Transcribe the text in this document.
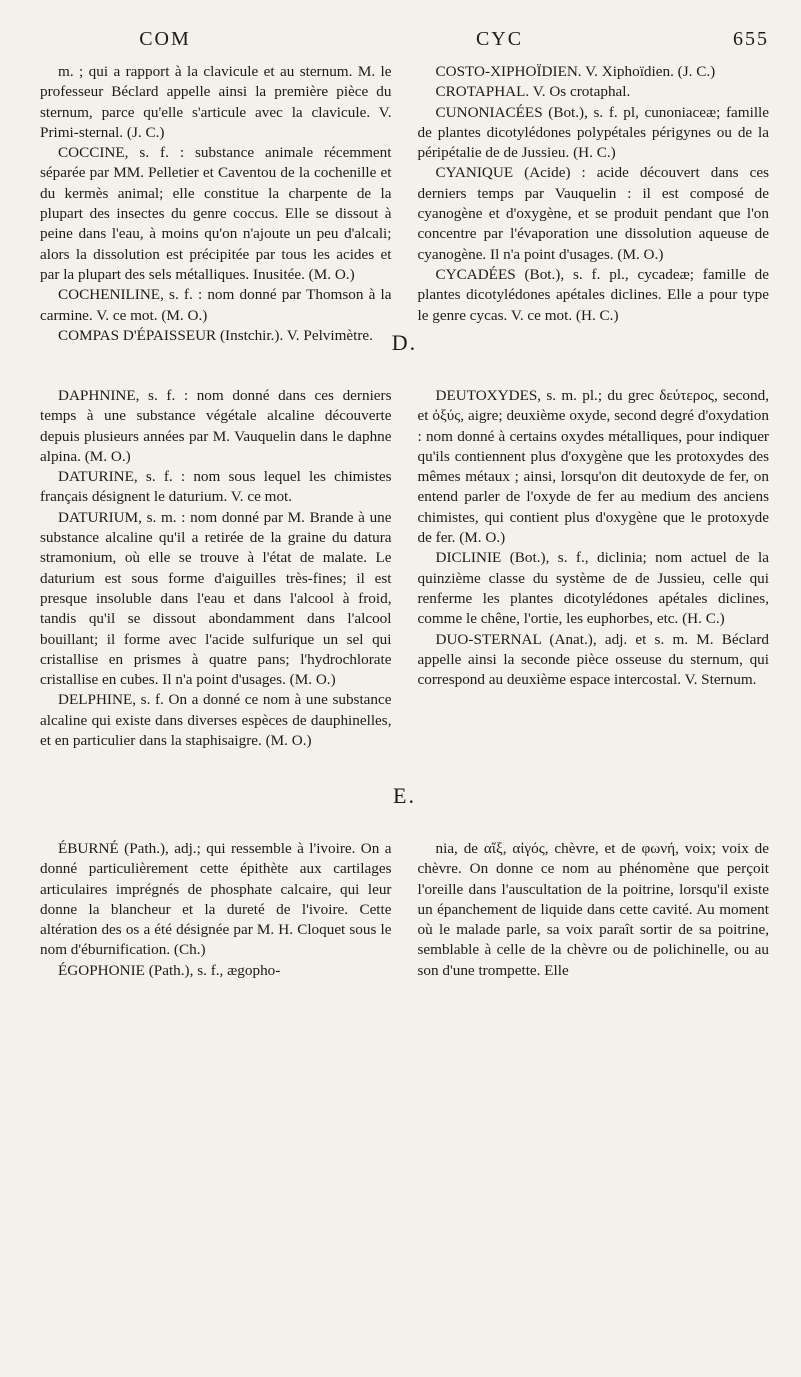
COM	CYC	655

m. ; qui a rapport à la clavicule et au sternum. M. le professeur Béclard appelle ainsi la première pièce du sternum, parce qu'elle s'articule avec la clavicule. V. Primi-sternal. (J. C.)

COCCINE, s. f. : substance animale récemment séparée par MM. Pelletier et Caventou de la cochenille et du kermès animal; elle constitue la charpente de la plupart des insectes du genre coccus. Elle se dissout à peine dans l'eau, à moins qu'on n'ajoute un peu d'alcali; alors la dissolution est précipitée par tous les acides et par la plupart des sels métalliques. Inusitée. (M. O.)

COCHENILINE, s. f. : nom donné par Thomson à la carmine. V. ce mot. (M. O.)

COMPAS D'ÉPAISSEUR (Instchir.). V. Pelvimètre.

COSTO-XIPHOÏDIEN. V. Xiphoïdien. (J. C.)

CROTAPHAL. V. Os crotaphal.

CUNONIACÉES (Bot.), s. f. pl, cunoniaceæ; famille de plantes dicotylédones polypétales périgynes ou de la péripétalie de de Jussieu. (H. C.)

CYANIQUE (Acide) : acide découvert dans ces derniers temps par Vauquelin : il est composé de cyanogène et d'oxygène, et se produit pendant que l'on concentre par l'évaporation une dissolution aqueuse de cyanogène. Il n'a point d'usages. (M. O.)

CYCADÉES (Bot.), s. f. pl., cycadeæ; famille de plantes dicotylédones apétales diclines. Elle a pour type le genre cycas. V. ce mot. (H. C.)

D.

DAPHNINE, s. f. : nom donné dans ces derniers temps à une substance végétale alcaline découverte depuis plusieurs années par M. Vauquelin dans le daphne alpina. (M. O.)

DATURINE, s. f. : nom sous lequel les chimistes français désignent le daturium. V. ce mot.

DATURIUM, s. m. : nom donné par M. Brande à une substance alcaline qu'il a retirée de la graine du datura stramonium, où elle se trouve à l'état de malate. Le daturium est sous forme d'aiguilles très-fines; il est presque insoluble dans l'eau et dans l'alcool à froid, tandis qu'il se dissout abondamment dans l'alcool bouillant; il forme avec l'acide sulfurique un sel qui cristallise en prismes à quatre pans; l'hydrochlorate cristallise en cubes. Il n'a point d'usages. (M. O.)

DELPHINE, s. f. On a donné ce nom à une substance alcaline qui existe dans diverses espèces de dauphinelles, et en particulier dans la staphisaigre. (M. O.)

DEUTOXYDES, s. m. pl.; du grec δεύτερος, second, et ὀξύς, aigre; deuxième oxyde, second degré d'oxydation : nom donné à certains oxydes métalliques, pour indiquer qu'ils contiennent plus d'oxygène que les protoxydes des mêmes métaux ; ainsi, lorsqu'on dit deutoxyde de fer, on entend parler de l'oxyde de fer au medium des anciens chimistes, qui contient plus d'oxygène que le protoxyde de fer. (M. O.)

DICLINIE (Bot.), s. f., diclinia; nom actuel de la quinzième classe du système de de Jussieu, celle qui renferme les plantes dicotylédones apétales diclines, comme le chêne, l'ortie, les euphorbes, etc. (H. C.)

DUO-STERNAL (Anat.), adj. et s. m. M. Béclard appelle ainsi la seconde pièce osseuse du sternum, qui correspond au deuxième espace intercostal. V. Sternum.

E.

ÉBURNÉ (Path.), adj.; qui ressemble à l'ivoire. On a donné particulièrement cette épithète aux cartilages articulaires imprégnés de phosphate calcaire, qui leur donne la blancheur et la dureté de l'ivoire. Cette altération des os a été désignée par M. H. Cloquet sous le nom d'éburnification. (Ch.)

ÉGOPHONIE (Path.), s. f., ægopho-

nia, de αἴξ, αἰγός, chèvre, et de φωνή, voix; voix de chèvre. On donne ce nom au phénomène que perçoit l'oreille dans l'auscultation de la poitrine, lorsqu'il existe un épanchement de liquide dans cette cavité. Au moment où le malade parle, sa voix paraît sortir de sa poitrine, semblable à celle de la chèvre ou de polichinelle, ou au son d'une trompette. Elle
